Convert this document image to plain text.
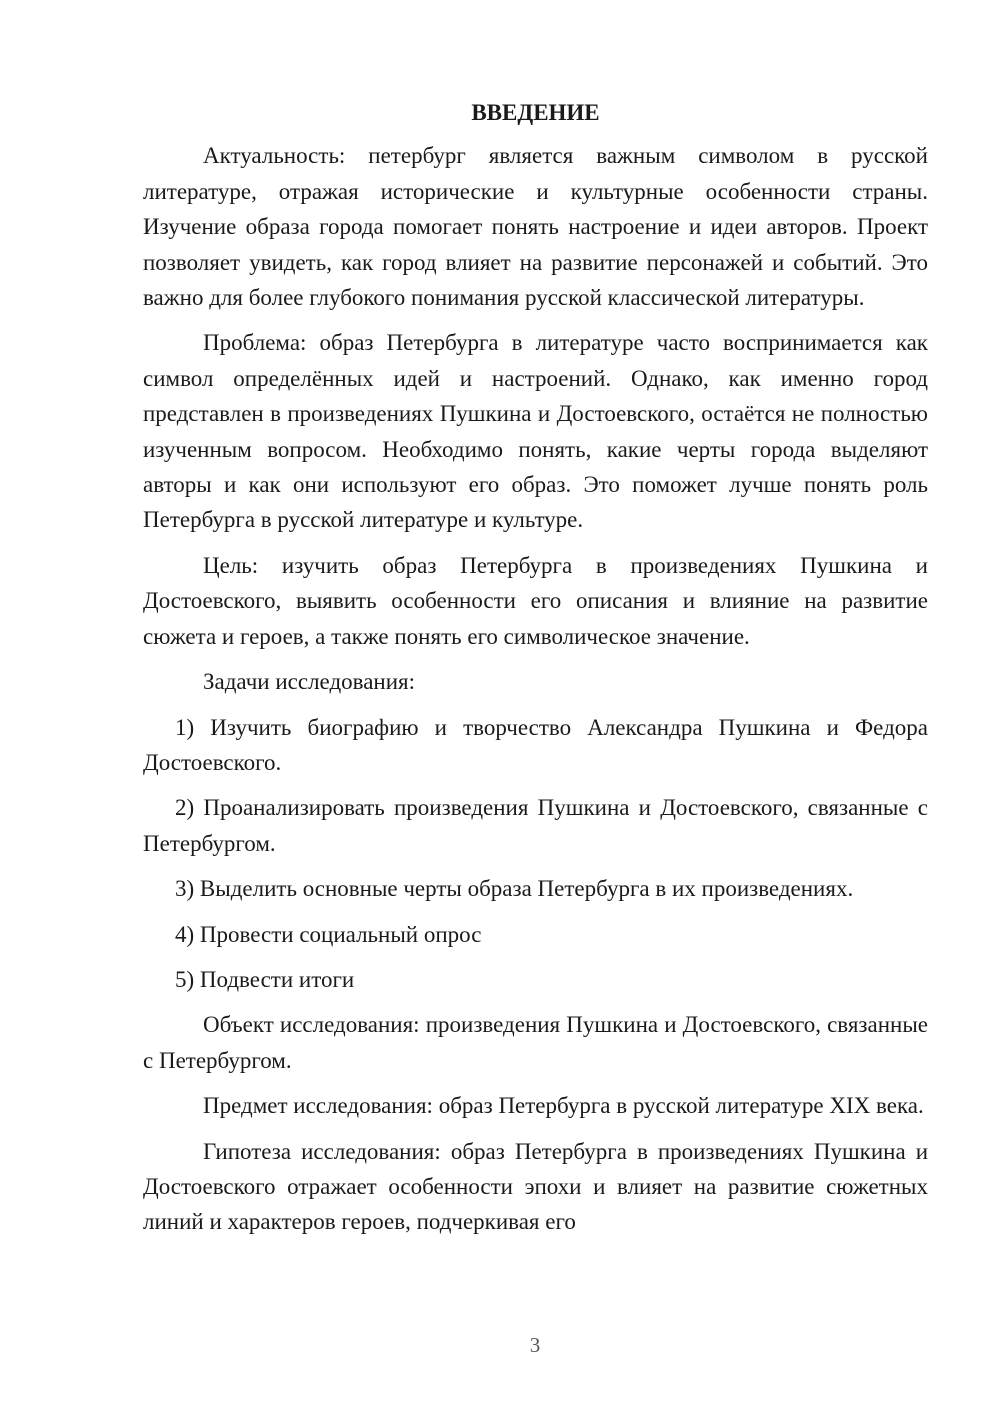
ВВЕДЕНИЕ

Актуальность: петербург является важным символом в русской литературе, отражая исторические и культурные особенности страны. Изучение образа города помогает понять настроение и идеи авторов. Проект позволяет увидеть, как город влияет на развитие персонажей и событий. Это важно для более глубокого понимания русской классической литературы.

Проблема: образ Петербурга в литературе часто воспринимается как символ определённых идей и настроений. Однако, как именно город представлен в произведениях Пушкина и Достоевского, остаётся не полностью изученным вопросом. Необходимо понять, какие черты города выделяют авторы и как они используют его образ. Это поможет лучше понять роль Петербурга в русской литературе и культуре.

Цель: изучить образ Петербурга в произведениях Пушкина и Достоевского, выявить особенности его описания и влияние на развитие сюжета и героев, а также понять его символическое значение.

Задачи исследования:

1) Изучить биографию и творчество Александра Пушкина и Федора Достоевского.

2) Проанализировать произведения Пушкина и Достоевского, связанные с Петербургом.

3) Выделить основные черты образа Петербурга в их произведениях.

4) Провести социальный опрос

5) Подвести итоги

Объект исследования: произведения Пушкина и Достоевского, связанные с Петербургом.

Предмет исследования: образ Петербурга в русской литературе XIX века.

Гипотеза исследования: образ Петербурга в произведениях Пушкина и Достоевского отражает особенности эпохи и влияет на развитие сюжетных линий и характеров героев, подчеркивая его

3
